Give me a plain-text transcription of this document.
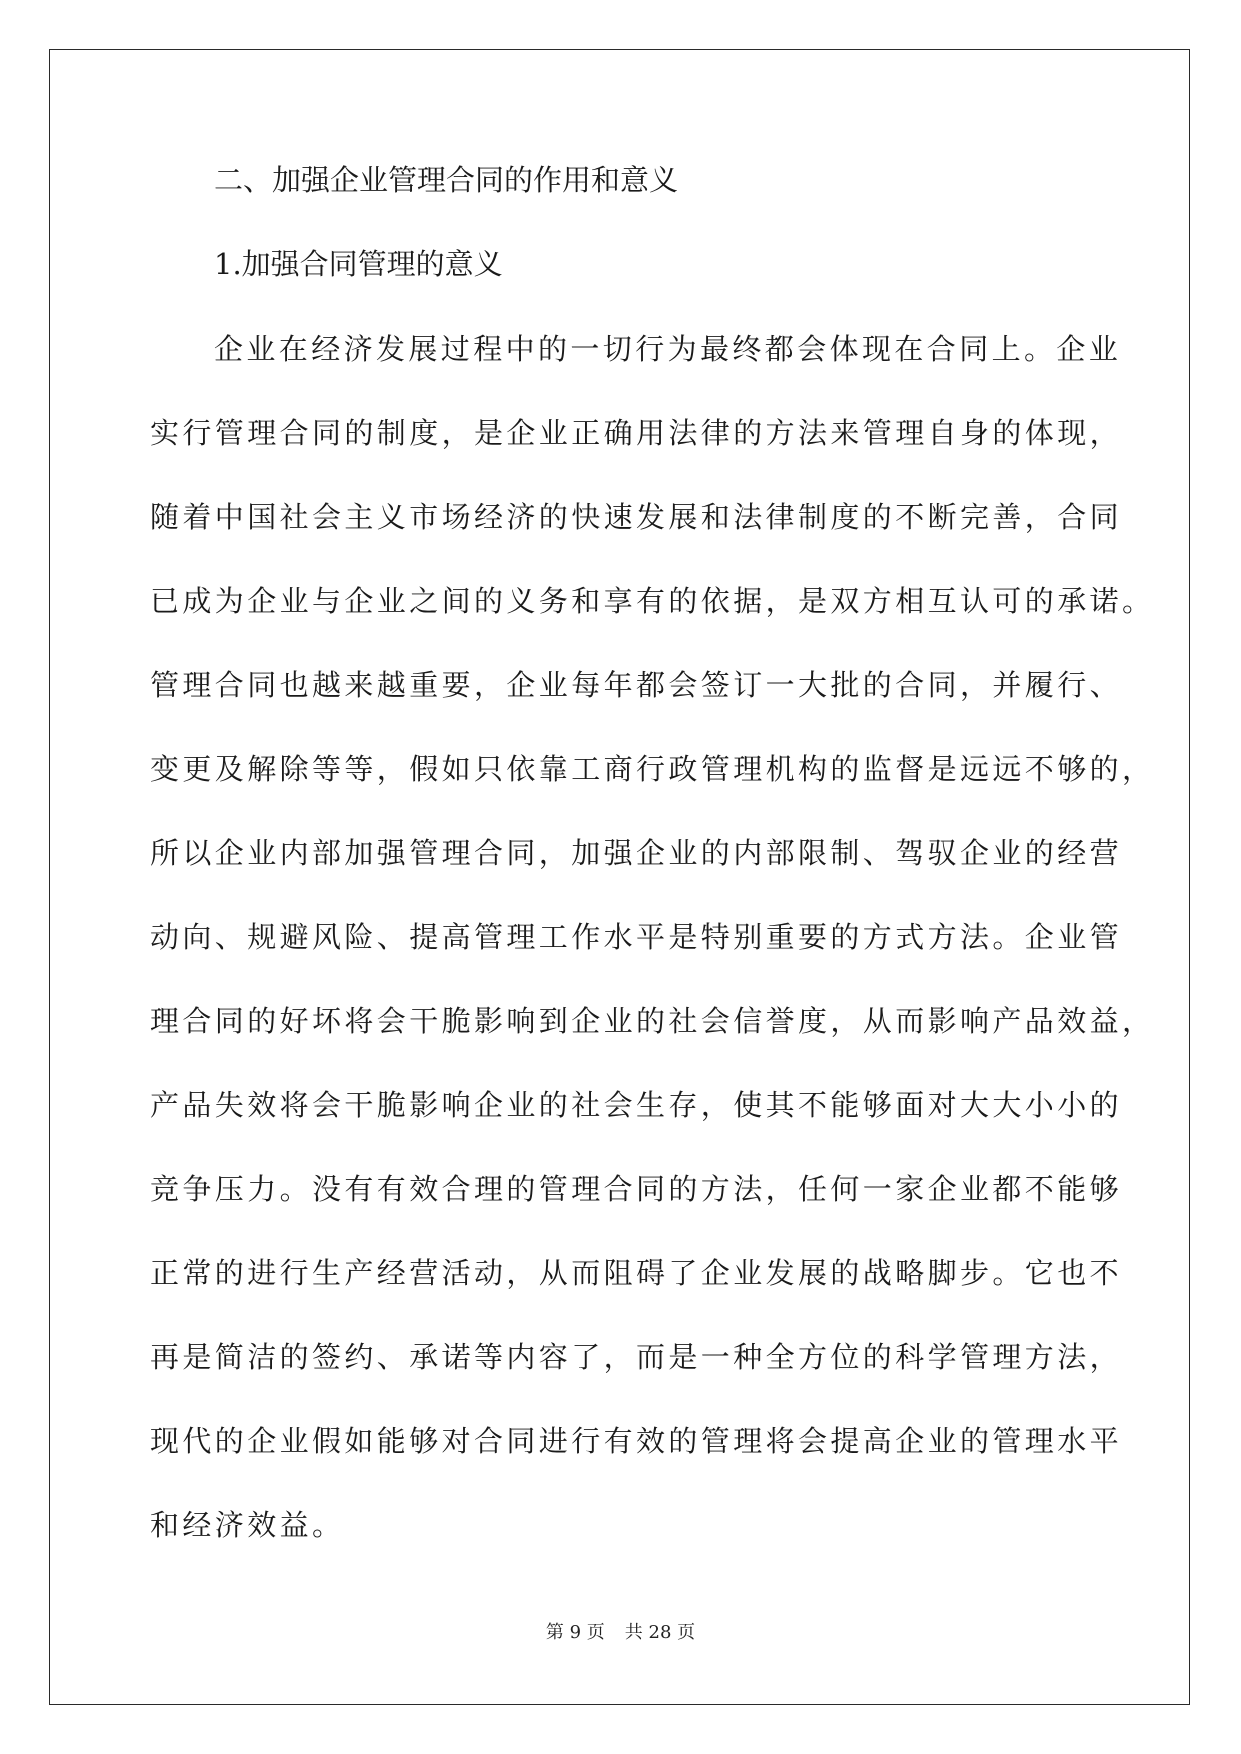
二、加强企业管理合同的作用和意义

1.加强合同管理的意义

企业在经济发展过程中的一切行为最终都会体现在合同上。企业

实行管理合同的制度，是企业正确用法律的方法来管理自身的体现，

随着中国社会主义市场经济的快速发展和法律制度的不断完善，合同

已成为企业与企业之间的义务和享有的依据，是双方相互认可的承诺。

管理合同也越来越重要，企业每年都会签订一大批的合同，并履行、

变更及解除等等，假如只依靠工商行政管理机构的监督是远远不够的，

所以企业内部加强管理合同，加强企业的内部限制、驾驭企业的经营

动向、规避风险、提高管理工作水平是特别重要的方式方法。企业管

理合同的好坏将会干脆影响到企业的社会信誉度，从而影响产品效益，

产品失效将会干脆影响企业的社会生存，使其不能够面对大大小小的

竞争压力。没有有效合理的管理合同的方法，任何一家企业都不能够

正常的进行生产经营活动，从而阻碍了企业发展的战略脚步。它也不

再是简洁的签约、承诺等内容了，而是一种全方位的科学管理方法，

现代的企业假如能够对合同进行有效的管理将会提高企业的管理水平

和经济效益。

第 9 页 共 28 页
